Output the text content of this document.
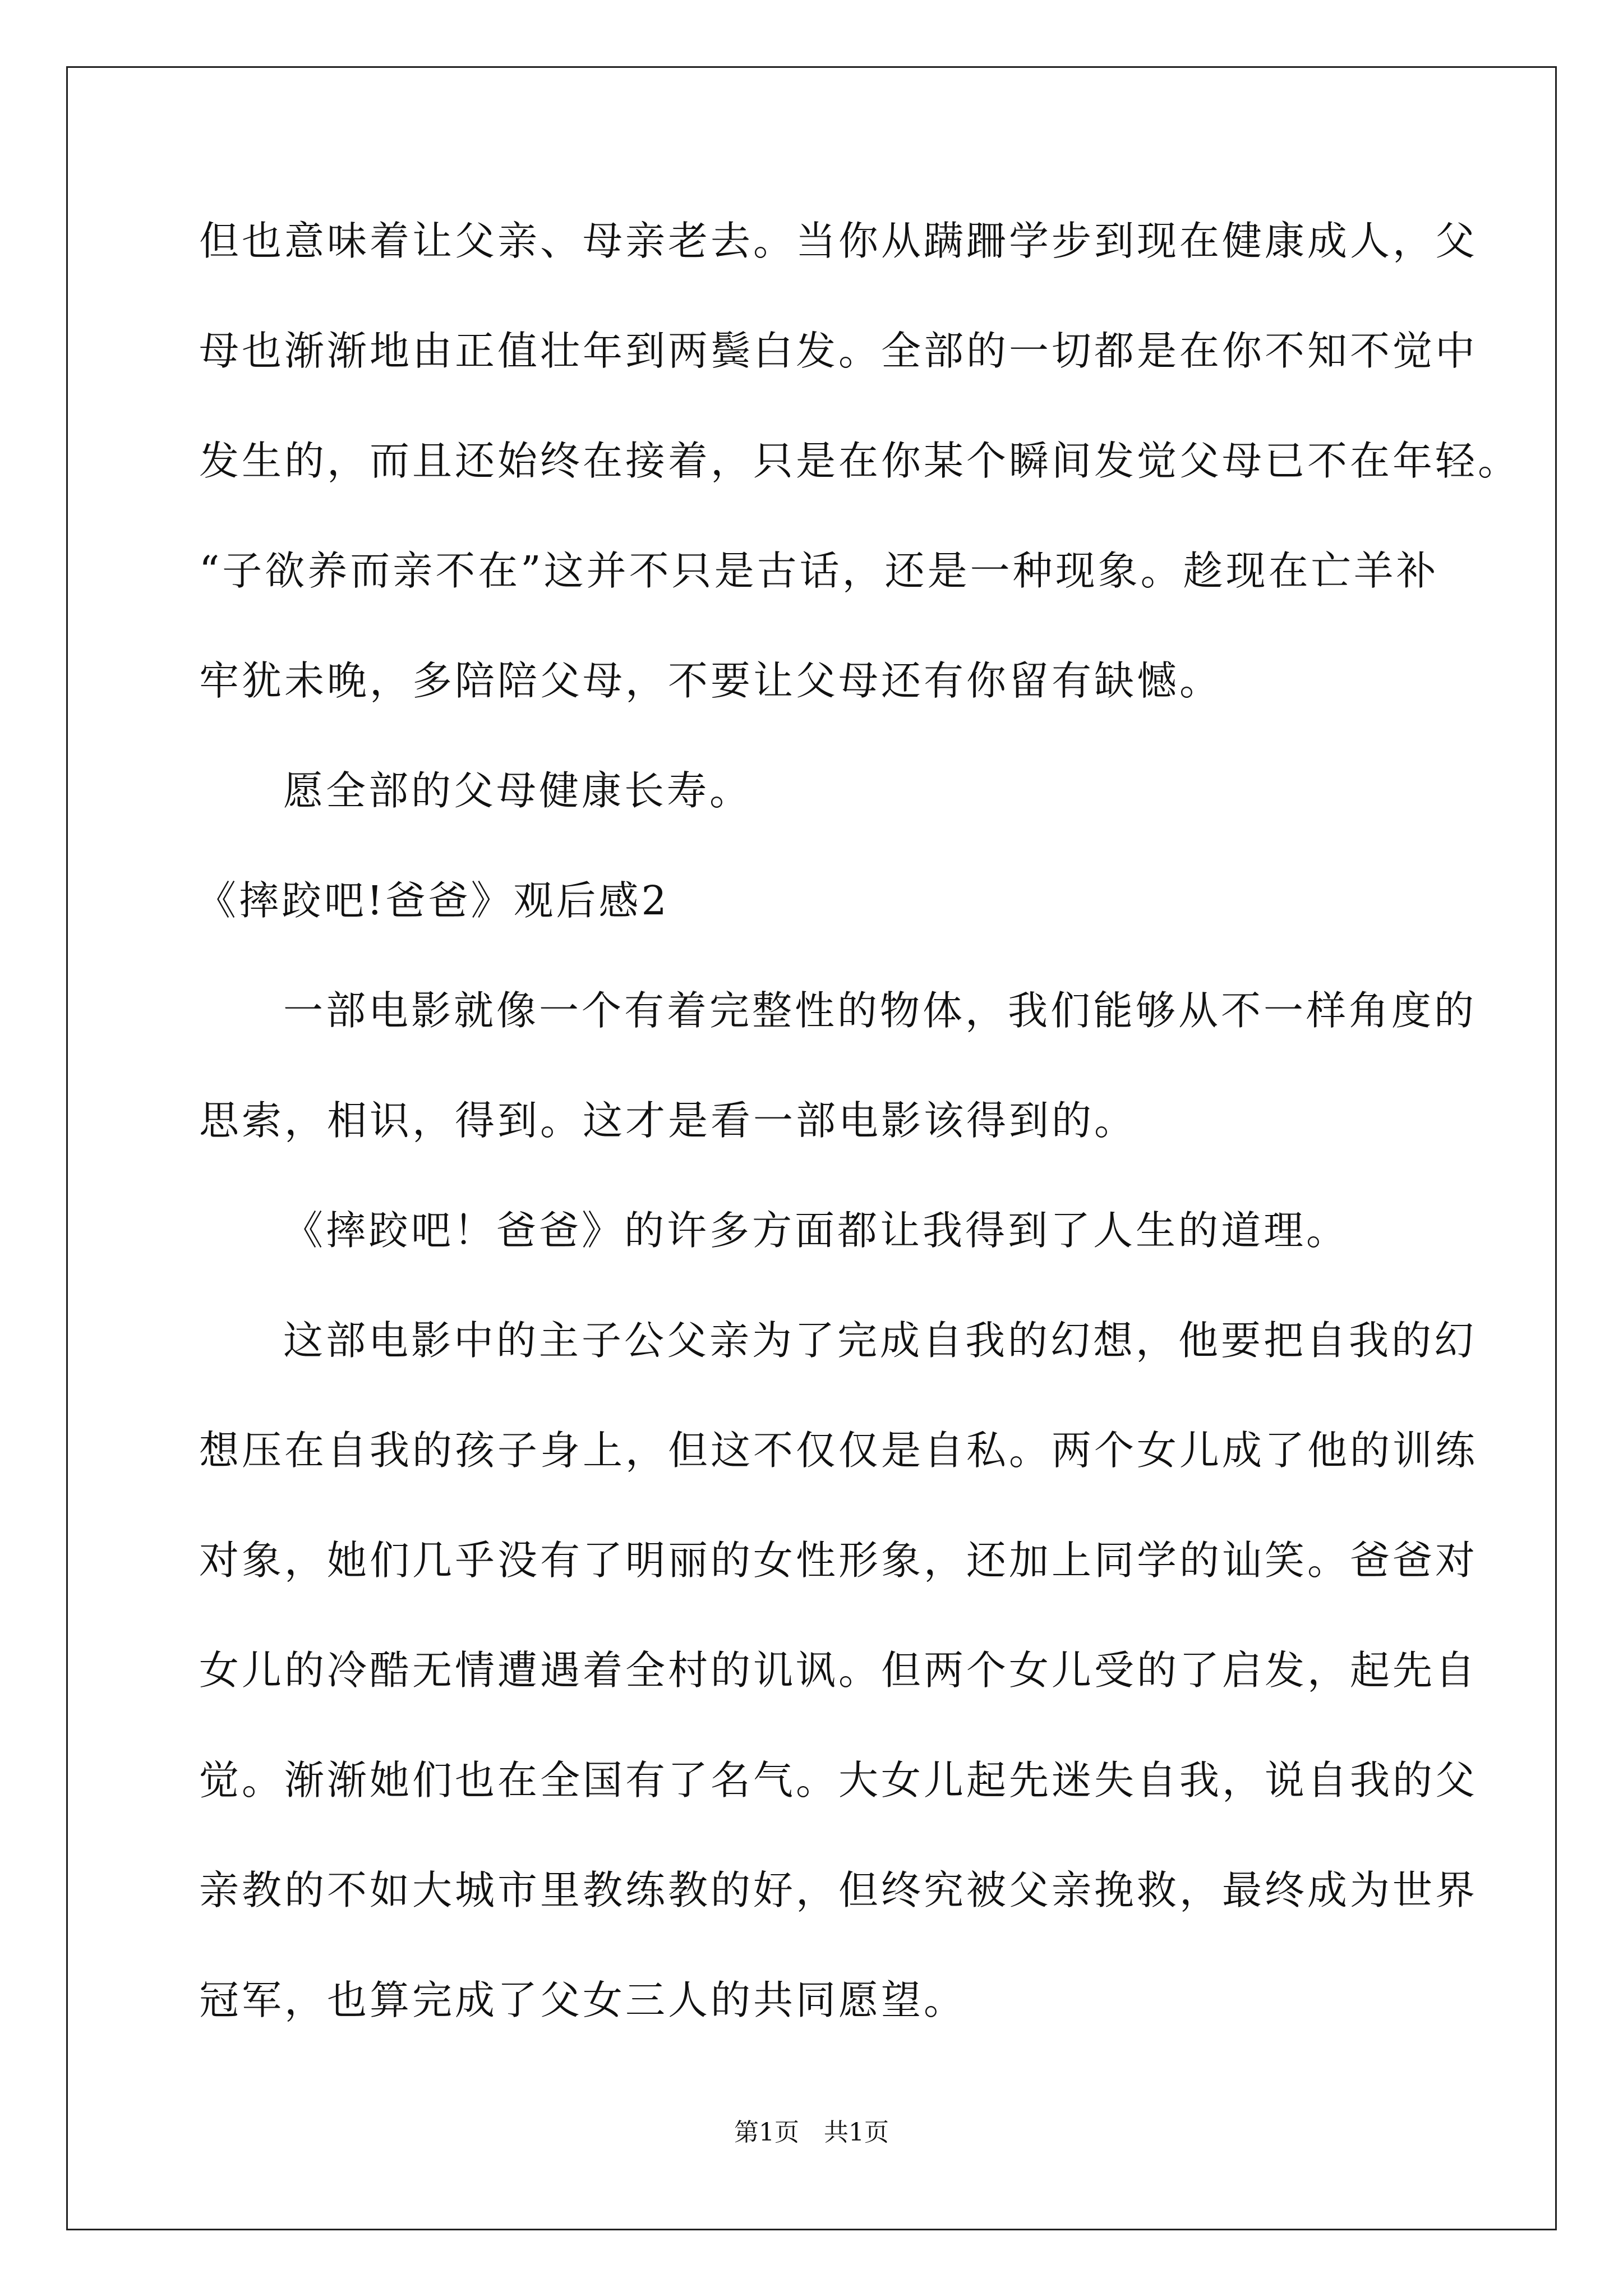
但也意味着让父亲、母亲老去。当你从蹒跚学步到现在健康成人，父
母也渐渐地由正值壮年到两鬓白发。全部的一切都是在你不知不觉中
发生的，而且还始终在接着，只是在你某个瞬间发觉父母已不在年轻。
“子欲养而亲不在”这并不只是古话，还是一种现象。趁现在亡羊补
牢犹未晚，多陪陪父母，不要让父母还有你留有缺憾。
愿全部的父母健康长寿。
《摔跤吧!爸爸》观后感2
一部电影就像一个有着完整性的物体，我们能够从不一样角度的
思索，相识，得到。这才是看一部电影该得到的。
《摔跤吧！爸爸》的许多方面都让我得到了人生的道理。
这部电影中的主子公父亲为了完成自我的幻想，他要把自我的幻
想压在自我的孩子身上，但这不仅仅是自私。两个女儿成了他的训练
对象，她们几乎没有了明丽的女性形象，还加上同学的讪笑。爸爸对
女儿的冷酷无情遭遇着全村的讥讽。但两个女儿受的了启发，起先自
觉。渐渐她们也在全国有了名气。大女儿起先迷失自我，说自我的父
亲教的不如大城市里教练教的好，但终究被父亲挽救，最终成为世界
冠军，也算完成了父女三人的共同愿望。
第1页　共1页
